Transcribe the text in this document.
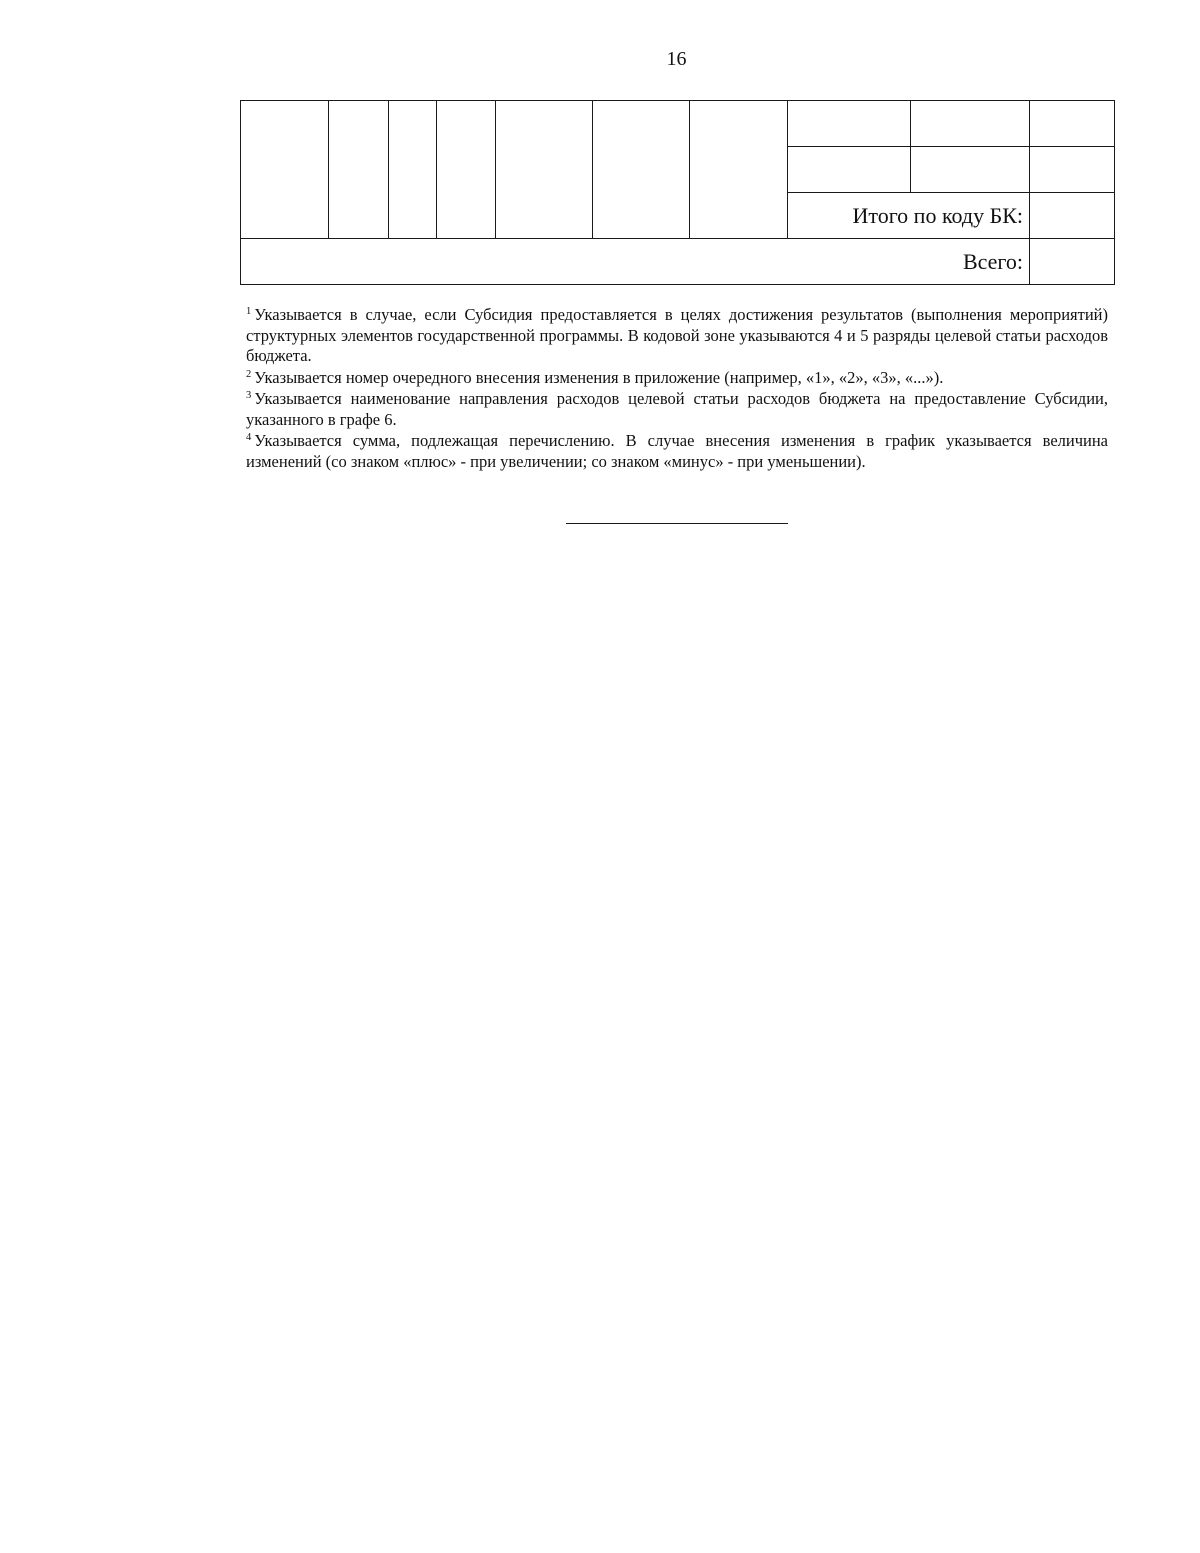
16

							Итого по коду БК:		
Всего:									

$^1$ Указывается в случае, если Субсидия предоставляется в целях достижения результатов (выполнения мероприятий) структурных элементов государственной программы. В кодовой зоне указываются 4 и 5 разряды целевой статьи расходов бюджета.

$^2$ Указывается номер очередного внесения изменения в приложение (например, «1», «2», «3», «...»).

$^3$ Указывается наименование направления расходов целевой статьи расходов бюджета на предоставление Субсидии, указанного в графе 6.

$^4$ Указывается сумма, подлежащая перечислению. В случае внесения изменения в график указывается величина изменений (со знаком «плюс» - при увеличении; со знаком «минус» - при уменьшении).
